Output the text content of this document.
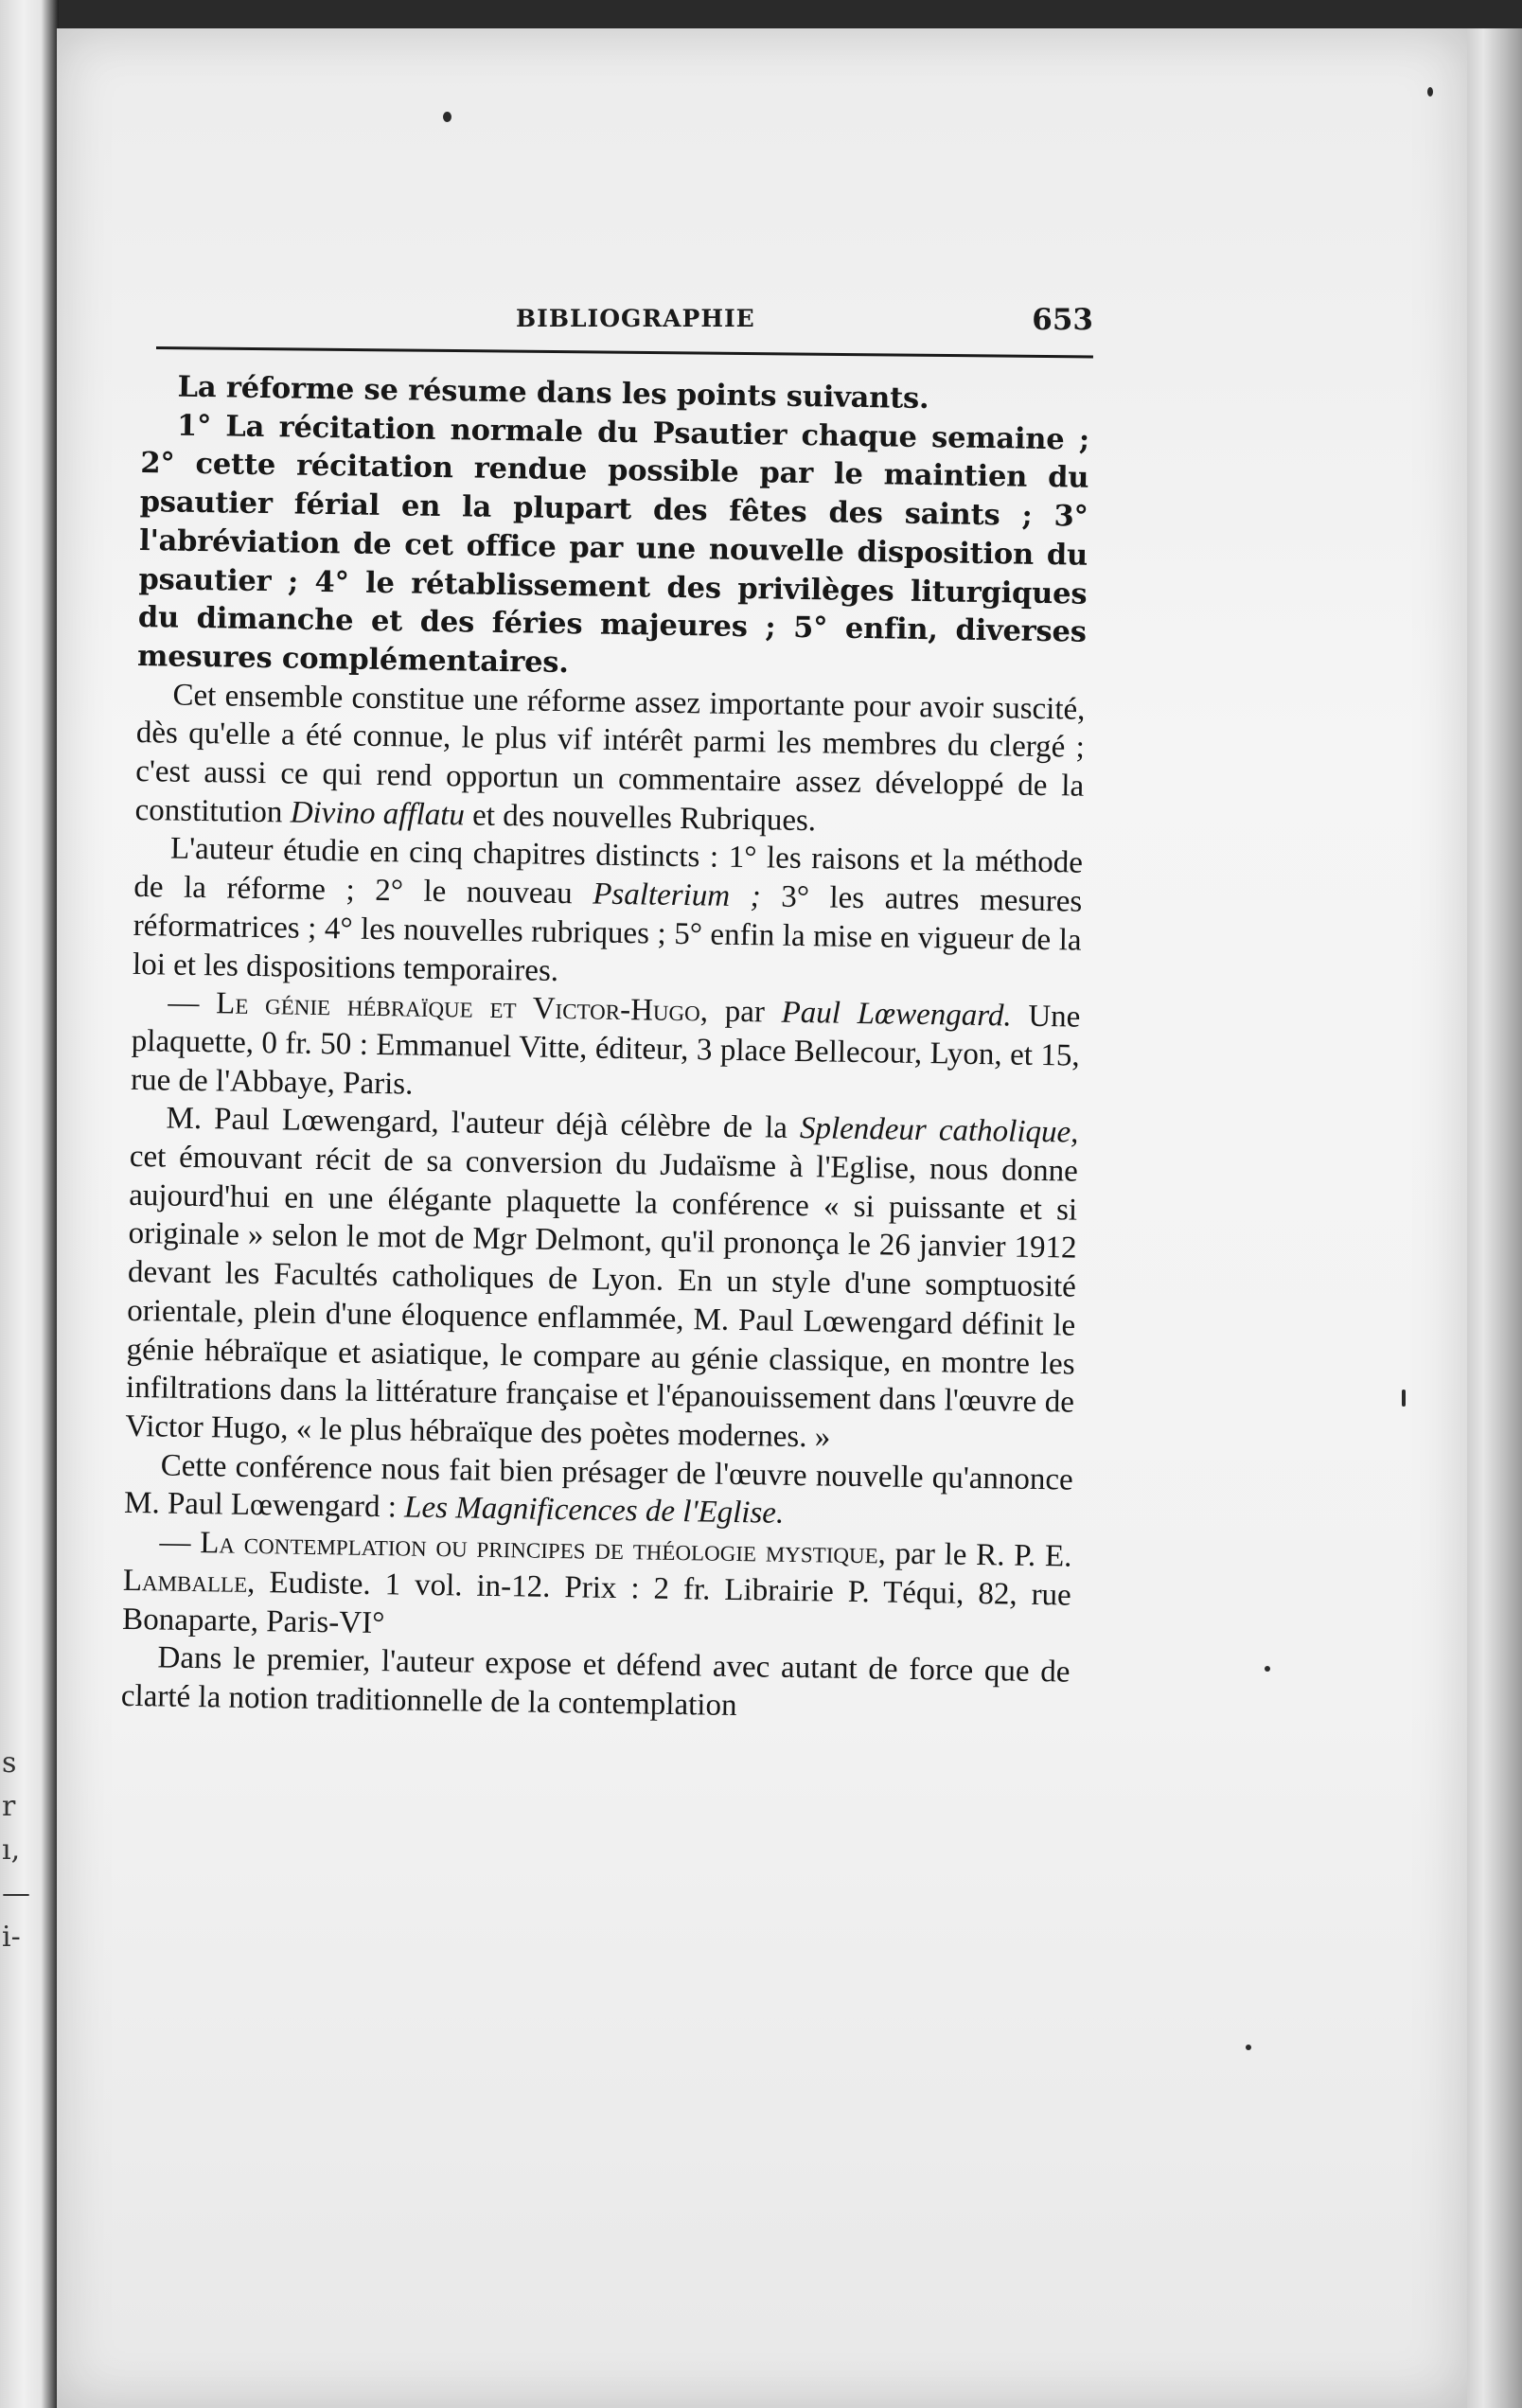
s
r
ı,
—
i-
BIBLIOGRAPHIE	653

La réforme se résume dans les points suivants.

1° La récitation normale du Psautier chaque semaine ; 2° cette récitation rendue possible par le maintien du psautier férial en la plupart des fêtes des saints ; 3° l'abréviation de cet office par une nouvelle disposition du psautier ; 4° le rétablissement des privilèges liturgiques du dimanche et des féries majeures ; 5° enfin, diverses mesures complémentaires.

Cet ensemble constitue une réforme assez importante pour avoir suscité, dès qu'elle a été connue, le plus vif intérêt parmi les membres du clergé ; c'est aussi ce qui rend opportun un commentaire assez développé de la constitution Divino afflatu et des nouvelles Rubriques.

L'auteur étudie en cinq chapitres distincts : 1° les raisons et la méthode de la réforme ; 2° le nouveau Psalterium ; 3° les autres mesures réformatrices ; 4° les nouvelles rubriques ; 5° enfin la mise en vigueur de la loi et les dispositions temporaires.

— Le génie hébraïque et Victor-Hugo, par Paul Lœwengard. Une plaquette, 0 fr. 50 : Emmanuel Vitte, éditeur, 3 place Bellecour, Lyon, et 15, rue de l'Abbaye, Paris.

M. Paul Lœwengard, l'auteur déjà célèbre de la Splendeur catholique, cet émouvant récit de sa conversion du Judaïsme à l'Eglise, nous donne aujourd'hui en une élégante plaquette la conférence « si puissante et si originale » selon le mot de Mgr Delmont, qu'il prononça le 26 janvier 1912 devant les Facultés catholiques de Lyon. En un style d'une somptuosité orientale, plein d'une éloquence enflammée, M. Paul Lœwengard définit le génie hébraïque et asiatique, le compare au génie classique, en montre les infiltrations dans la littérature française et l'épanouissement dans l'œuvre de Victor Hugo, « le plus hébraïque des poètes modernes. »

Cette conférence nous fait bien présager de l'œuvre nouvelle qu'annonce M. Paul Lœwengard : Les Magnificences de l'Eglise.

— La contemplation ou principes de théologie mystique, par le R. P. E. Lamballe, Eudiste. 1 vol. in-12. Prix : 2 fr. Librairie P. Téqui, 82, rue Bonaparte, Paris-VI°

Dans le premier, l'auteur expose et défend avec autant de force que de clarté la notion traditionnelle de la contemplation
